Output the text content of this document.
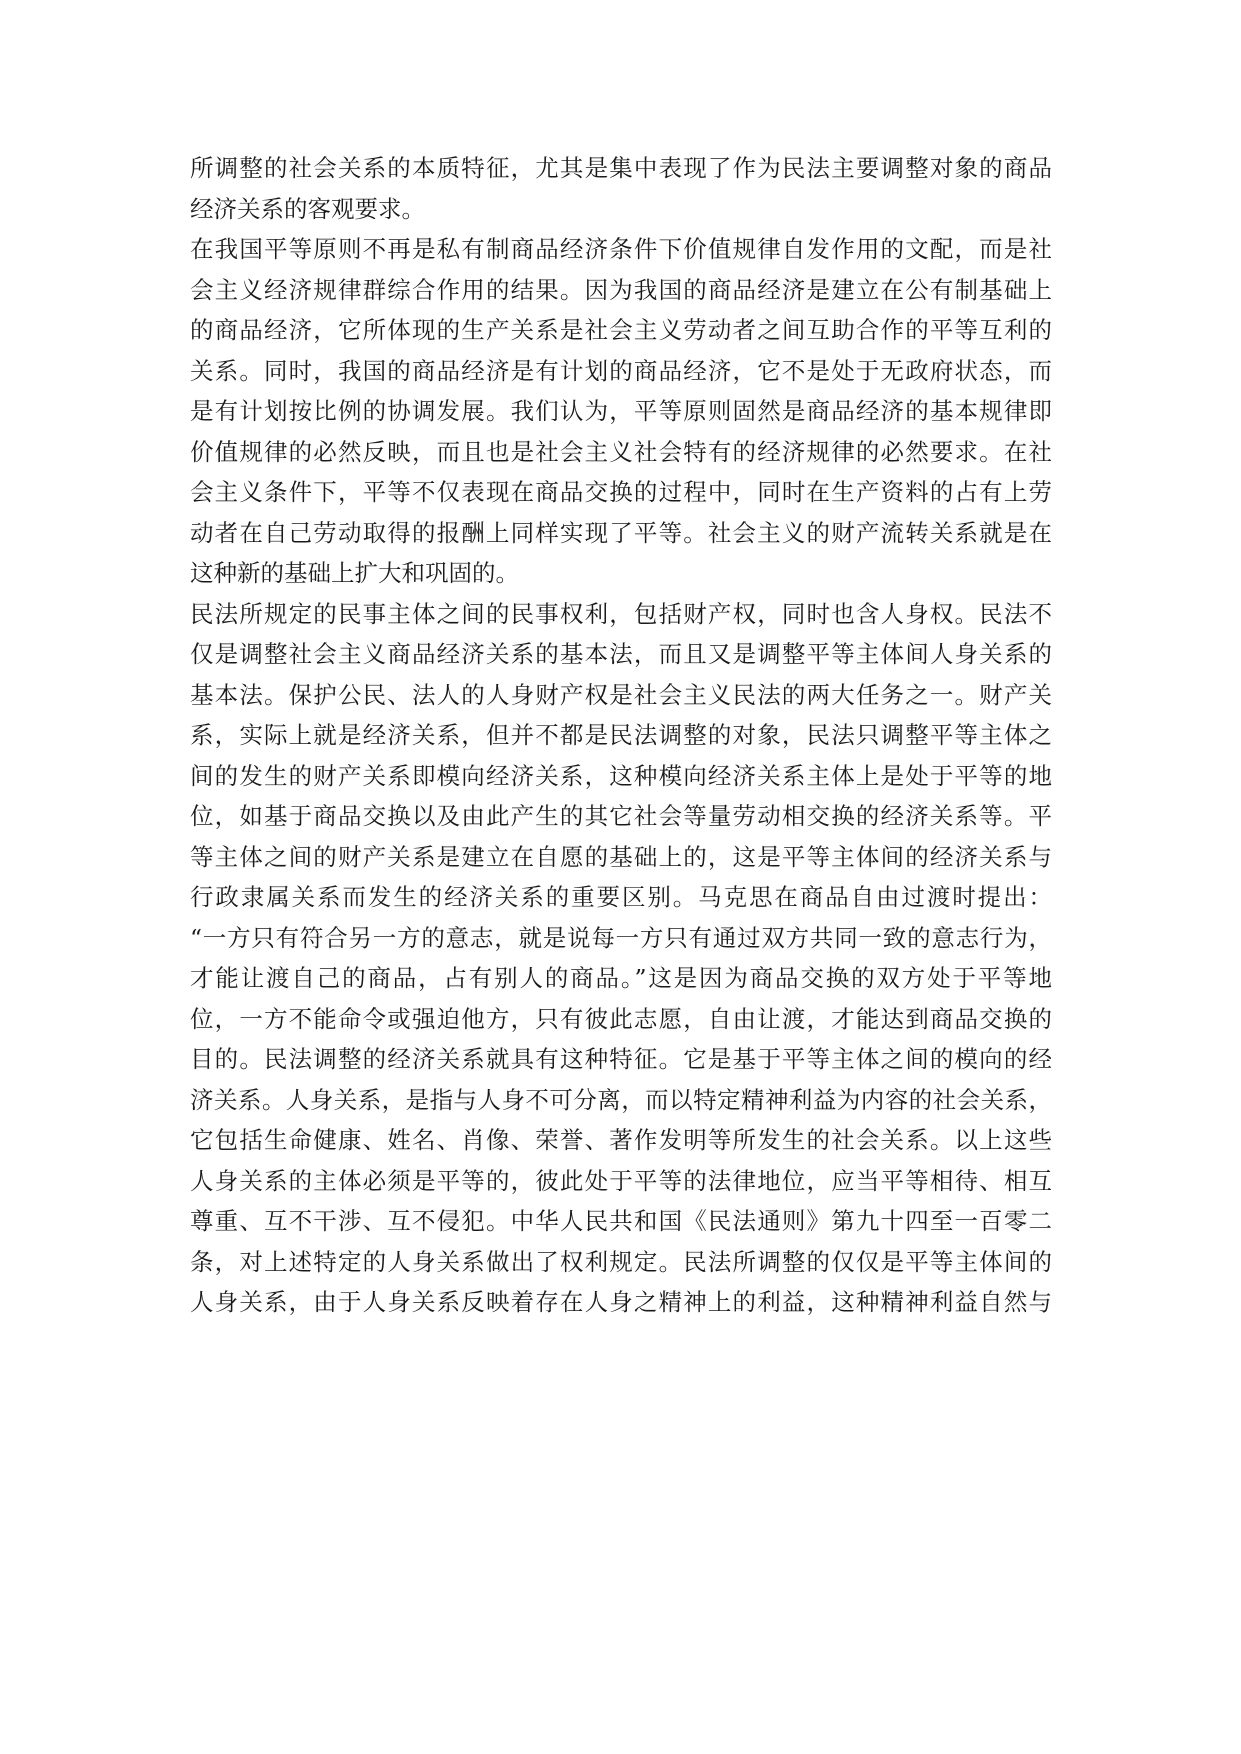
所调整的社会关系的本质特征，尤其是集中表现了作为民法主要调整对象的商品
经济关系的客观要求。
在我国平等原则不再是私有制商品经济条件下价值规律自发作用的文配，而是社
会主义经济规律群综合作用的结果。因为我国的商品经济是建立在公有制基础上
的商品经济，它所体现的生产关系是社会主义劳动者之间互助合作的平等互利的
关系。同时，我国的商品经济是有计划的商品经济，它不是处于无政府状态，而
是有计划按比例的协调发展。我们认为，平等原则固然是商品经济的基本规律即
价值规律的必然反映，而且也是社会主义社会特有的经济规律的必然要求。在社
会主义条件下，平等不仅表现在商品交换的过程中，同时在生产资料的占有上劳
动者在自己劳动取得的报酬上同样实现了平等。社会主义的财产流转关系就是在
这种新的基础上扩大和巩固的。
民法所规定的民事主体之间的民事权利，包括财产权，同时也含人身权。民法不
仅是调整社会主义商品经济关系的基本法，而且又是调整平等主体间人身关系的
基本法。保护公民、法人的人身财产权是社会主义民法的两大任务之一。财产关
系，实际上就是经济关系，但并不都是民法调整的对象，民法只调整平等主体之
间的发生的财产关系即模向经济关系，这种模向经济关系主体上是处于平等的地
位，如基于商品交换以及由此产生的其它社会等量劳动相交换的经济关系等。平
等主体之间的财产关系是建立在自愿的基础上的，这是平等主体间的经济关系与
行政隶属关系而发生的经济关系的重要区别。马克思在商品自由过渡时提出：
“一方只有符合另一方的意志，就是说每一方只有通过双方共同一致的意志行为，
才能让渡自己的商品，占有别人的商品。”这是因为商品交换的双方处于平等地
位，一方不能命令或强迫他方，只有彼此志愿，自由让渡，才能达到商品交换的
目的。民法调整的经济关系就具有这种特征。它是基于平等主体之间的模向的经
济关系。人身关系，是指与人身不可分离，而以特定精神利益为内容的社会关系，
它包括生命健康、姓名、肖像、荣誉、著作发明等所发生的社会关系。以上这些
人身关系的主体必须是平等的，彼此处于平等的法律地位，应当平等相待、相互
尊重、互不干涉、互不侵犯。中华人民共和国《民法通则》第九十四至一百零二
条，对上述特定的人身关系做出了权利规定。民法所调整的仅仅是平等主体间的
人身关系，由于人身关系反映着存在人身之精神上的利益，这种精神利益自然与
